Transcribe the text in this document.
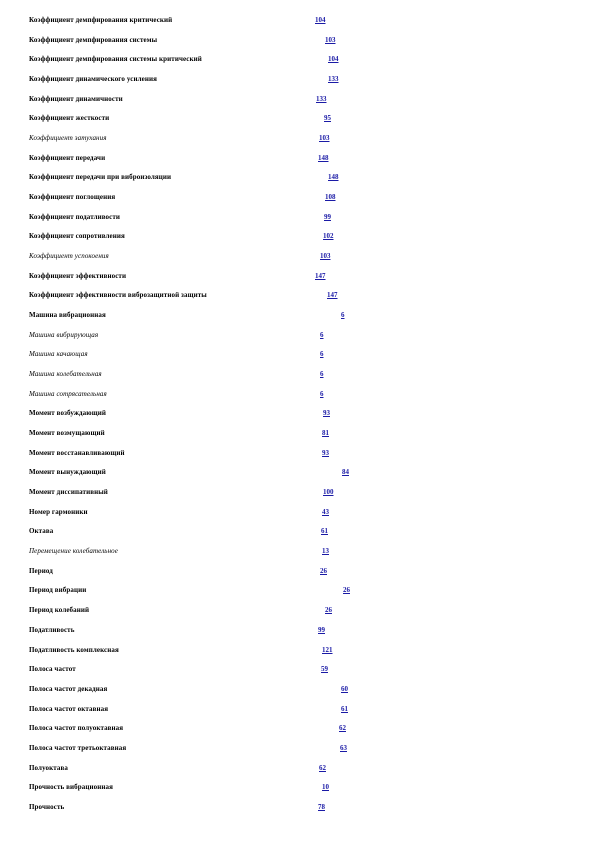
Коэффициент демпфирования критический	104
Коэффициент демпфирования системы	103
Коэффициент демпфирования системы критический	104
Коэффициент динамического усиления	133
Коэффициент динамичности	133
Коэффициент жесткости	95
Коэффициент затухания	103
Коэффициент передачи	148
Коэффициент передачи при виброизоляции	148
Коэффициент поглощения	108
Коэффициент податливости	99
Коэффициент сопротивления	102
Коэффициент успокоения	103
Коэффициент эффективности	147
Коэффициент эффективности виброзащитной защиты	147
Машина вибрационная	6
Машина вибрирующая	6
Машина качающая	6
Машина колебательная	6
Машина сотрясательная	6
Момент возбуждающий	93
Момент возмущающий	81
Момент восстанавливающий	93
Момент вынуждающий	84
Момент диссипативный	100
Номер гармоники	43
Октава	61
Перемещение колебательное	13
Период	26
Период вибрации	26
Период колебаний	26
Податливость	99
Податливость комплексная	121
Полоса частот	59
Полоса частот декадная	60
Полоса частот октавная	61
Полоса частот полуоктавная	62
Полоса частот третьоктавная	63
Полуоктава	62
Прочность вибрационная	10
Прочность	78
